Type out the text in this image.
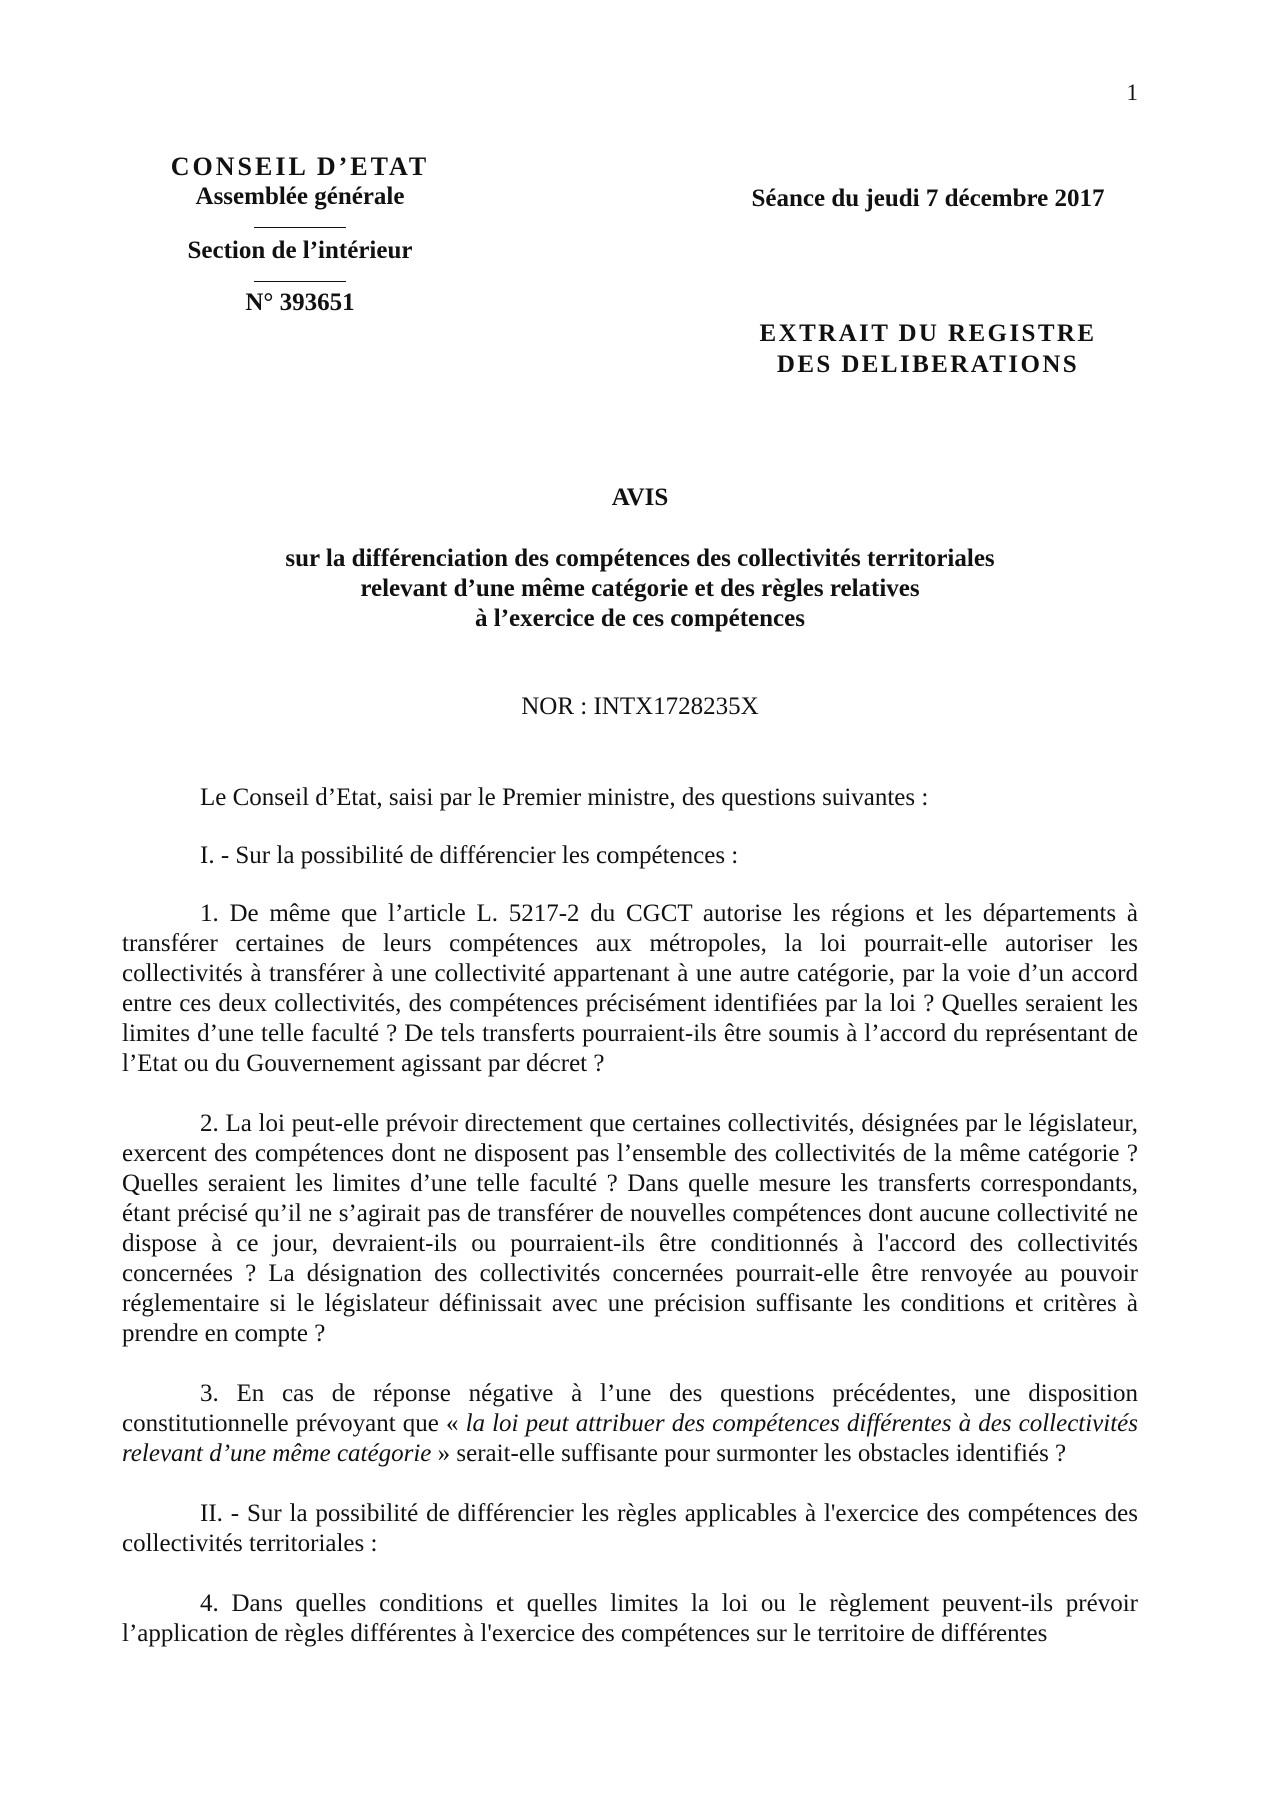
1
CONSEIL D’ETAT
Assemblée générale
Section de l’intérieur
N° 393651
Séance du jeudi 7 décembre 2017
EXTRAIT DU REGISTRE
DES DELIBERATIONS
AVIS
sur la différenciation des compétences des collectivités territoriales
relevant d’une même catégorie et des règles relatives
à l’exercice de ces compétences
NOR : INTX1728235X

Le Conseil d’Etat, saisi par le Premier ministre, des questions suivantes :

I. - Sur la possibilité de différencier les compétences :

1. De même que l’article L. 5217-2 du CGCT autorise les régions et les départements à transférer certaines de leurs compétences aux métropoles, la loi pourrait-elle autoriser les collectivités à transférer à une collectivité appartenant à une autre catégorie, par la voie d’un accord entre ces deux collectivités, des compétences précisément identifiées par la loi ? Quelles seraient les limites d’une telle faculté ? De tels transferts pourraient-ils être soumis à l’accord du représentant de l’Etat ou du Gouvernement agissant par décret ?

2. La loi peut-elle prévoir directement que certaines collectivités, désignées par le législateur, exercent des compétences dont ne disposent pas l’ensemble des collectivités de la même catégorie ? Quelles seraient les limites d’une telle faculté ? Dans quelle mesure les transferts correspondants, étant précisé qu’il ne s’agirait pas de transférer de nouvelles compétences dont aucune collectivité ne dispose à ce jour, devraient-ils ou pourraient-ils être conditionnés à l'accord des collectivités concernées ? La désignation des collectivités concernées pourrait-elle être renvoyée au pouvoir réglementaire si le législateur définissait avec une précision suffisante les conditions et critères à prendre en compte ?

3. En cas de réponse négative à l’une des questions précédentes, une disposition constitutionnelle prévoyant que « la loi peut attribuer des compétences différentes à des collectivités relevant d’une même catégorie » serait-elle suffisante pour surmonter les obstacles identifiés ?

II. - Sur la possibilité de différencier les règles applicables à l'exercice des compétences des collectivités territoriales :

4. Dans quelles conditions et quelles limites la loi ou le règlement peuvent-ils prévoir l’application de règles différentes à l'exercice des compétences sur le territoire de différentes
